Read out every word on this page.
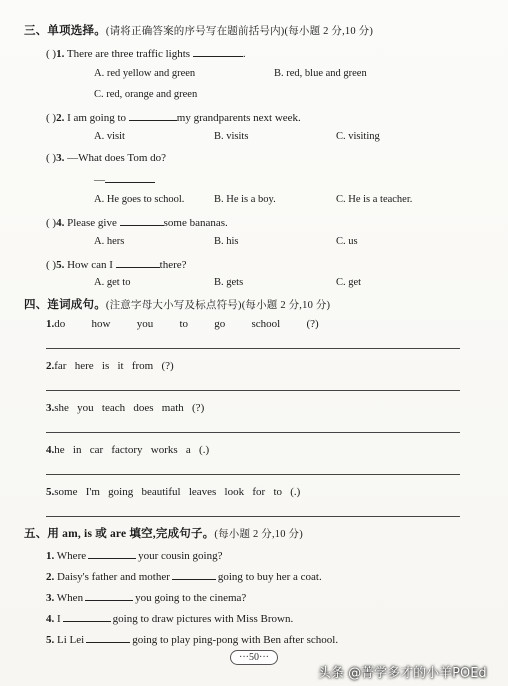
三、单项选择。(请将正确答案的序号写在题前括号内)(每小题 2 分,10 分)
( )1. There are three traffic lights	.
A. red yellow and green	B. red, blue and green
C. red, orange and green
( )2. I am going to	my grandparents next week.
A. visit	B. visits	C. visiting
( )3. —What does Tom do?
—
A. He goes to school.	B. He is a boy.	C. He is a teacher.
( )4. Please give	some bananas.
A. hers	B. his	C. us
( )5. How can I	there?
A. get to	B. gets	C. get
四、连词成句。(注意字母大小写及标点符号)(每小题 2 分,10 分)
1.do   how   you   to   go   school   (?)
2.far   here   is   it   from   (?)
3.she   you   teach   does   math   (?)
4.he   in   car   factory   works   a   (.)
5.some   I'm   going   beautiful   leaves   look   for   to   (.)
五、用 am, is 或 are 填空,完成句子。(每小题 2 分,10 分)
1. Where	your cousin going?
2. Daisy's father and mother	going to buy her a coat.
3. When	you going to the cinema?
4. I	going to draw pictures with Miss Brown.
5. Li Lei	going to play ping-pong with Ben after school.
···50···
头条 @菁学多才的小羊POEd
